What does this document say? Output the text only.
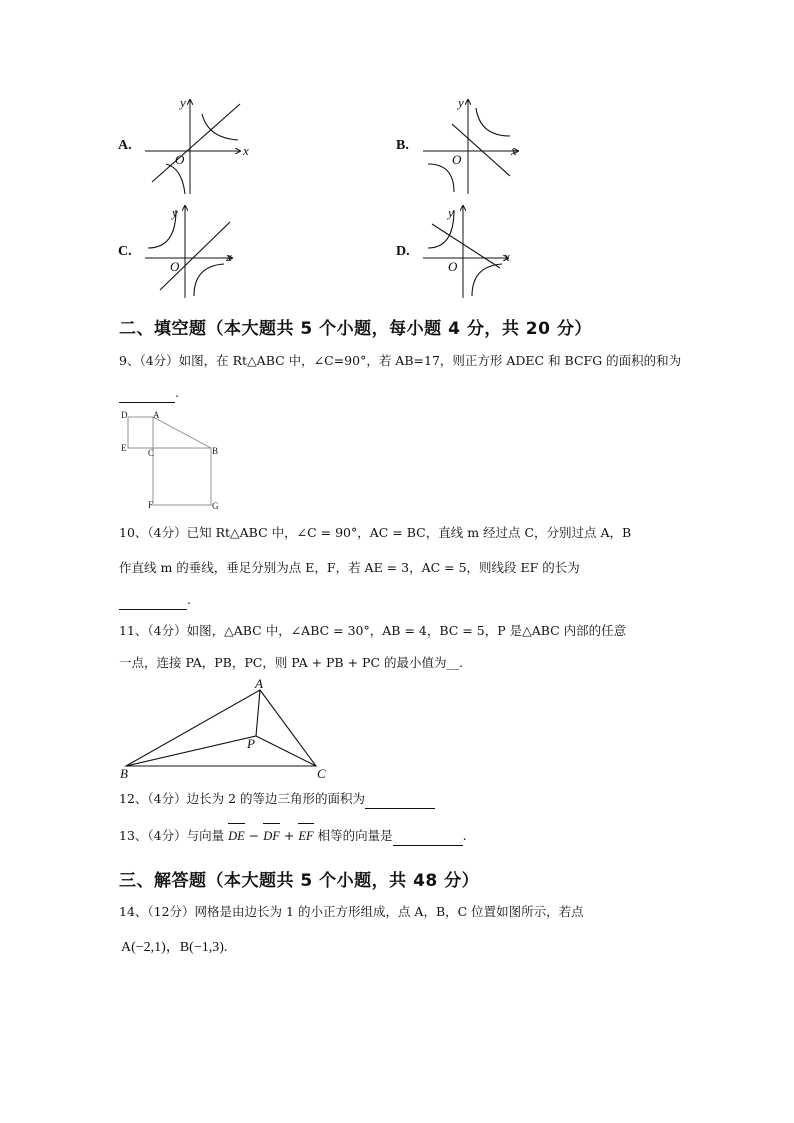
A.	x
y
O
B.	x
y
O
C.	x
y
O
D.	x
y
O
二、填空题（本大题共 5 个小题，每小题 4 分，共 20 分）
9、（4分）如图，在 Rt△ABC 中，∠C=90°，若 AB=17，则正方形 ADEC 和 BCFG 的面积的和为
.
D	A
E C	B
F	G
10、（4分）已知 Rt△ABC 中，∠C = 90°，AC = BC，直线 m 经过点 C，分别过点 A，B
作直线 m 的垂线，垂足分别为点 E，F，若 AE = 3，AC = 5，则线段 EF 的长为
.
11、（4分）如图，△ABC 中，∠ABC = 30°，AB = 4，BC = 5，P 是△ABC 内部的任意
一点，连接 PA，PB，PC，则 PA + PB + PC 的最小值为__.
A
B	C
P
12、（4分）边长为 2 的等边三角形的面积为
13、（4分）与向量 DE − DF + EF 相等的向量是	.
三、解答题（本大题共 5 个小题，共 48 分）
14、（12分）网格是由边长为 1 的小正方形组成，点 A，B，C 位置如图所示，若点
A(−2,1)，B(−1,3).
